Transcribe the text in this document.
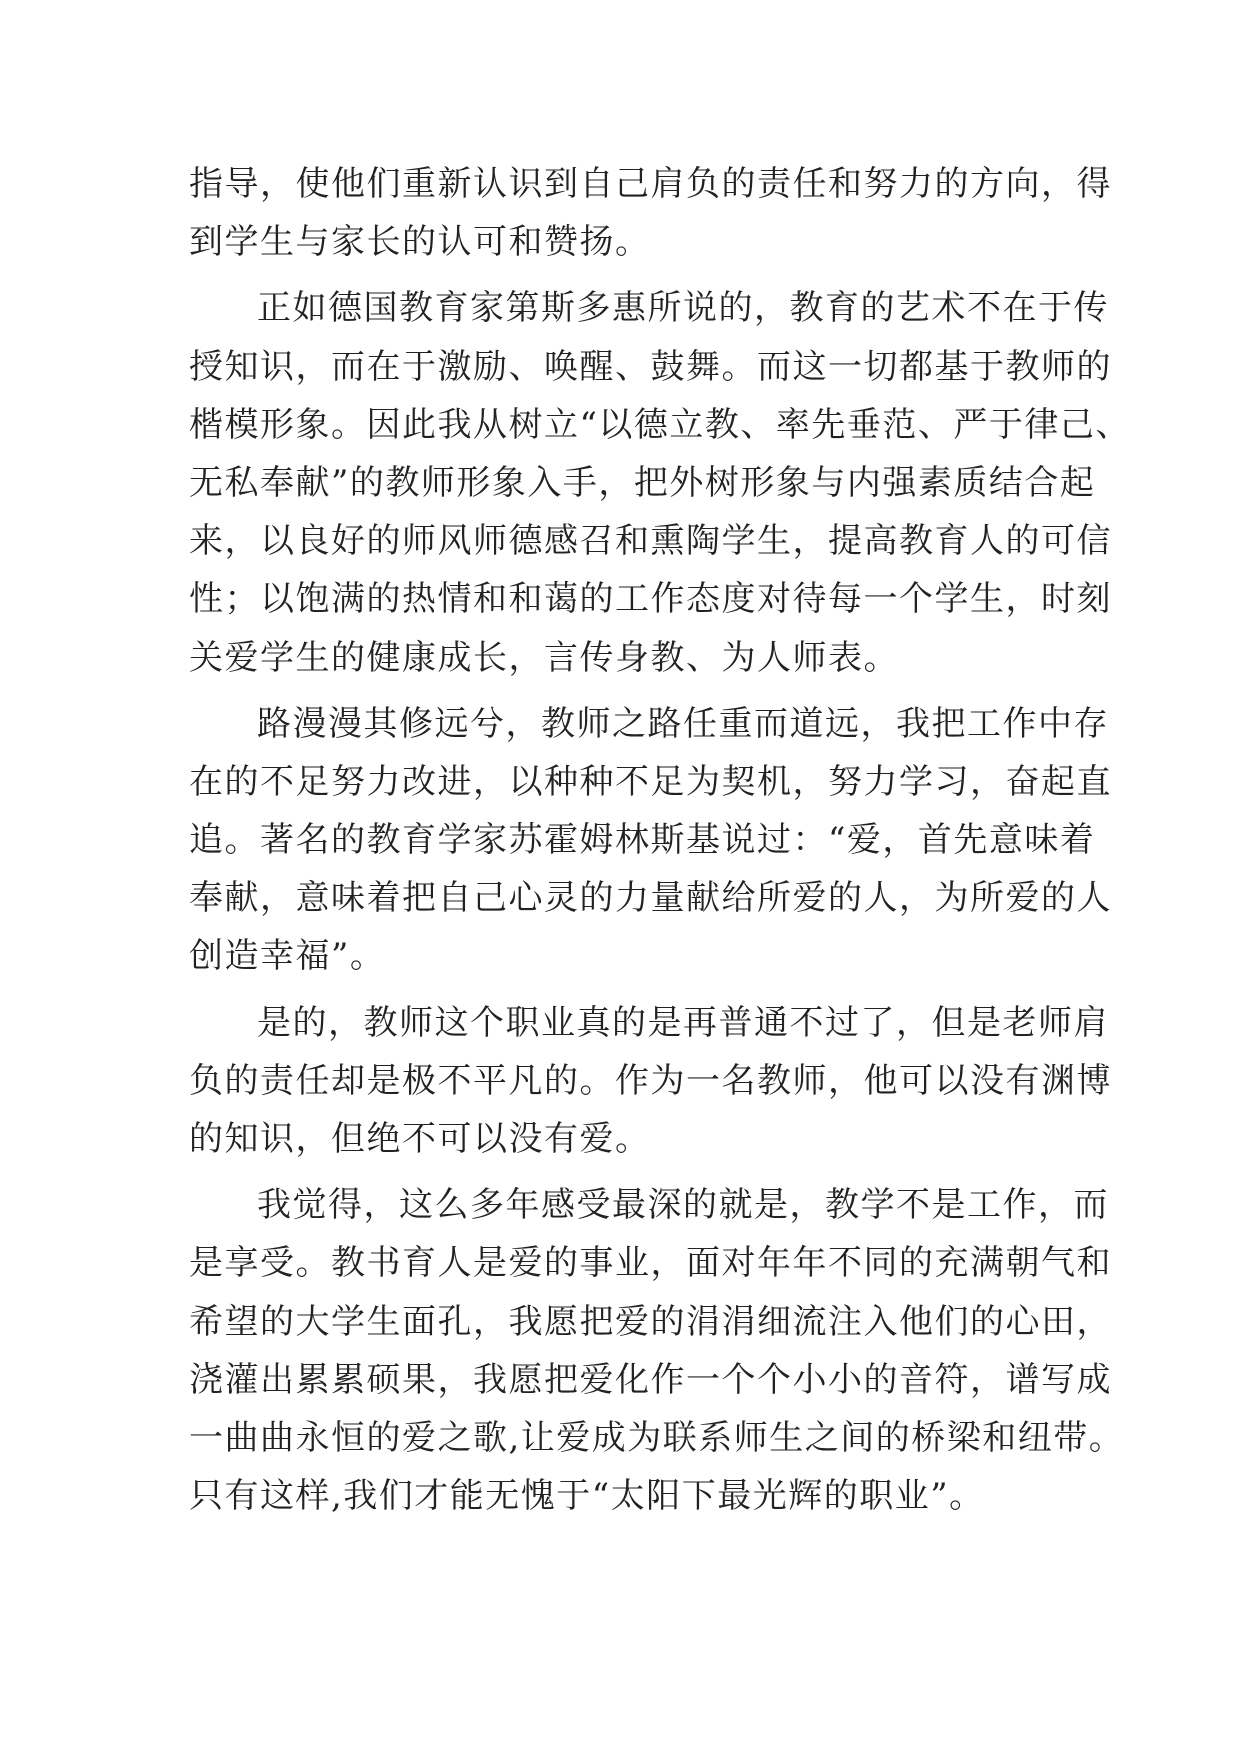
指导，使他们重新认识到自己肩负的责任和努力的方向，得
到学生与家长的认可和赞扬。
正如德国教育家第斯多惠所说的，教育的艺术不在于传
授知识，而在于激励、唤醒、鼓舞。而这一切都基于教师的
楷模形象。因此我从树立“以德立教、率先垂范、严于律己、
无私奉献”的教师形象入手，把外树形象与内强素质结合起
来，以良好的师风师德感召和熏陶学生，提高教育人的可信
性；以饱满的热情和和蔼的工作态度对待每一个学生，时刻
关爱学生的健康成长，言传身教、为人师表。
路漫漫其修远兮，教师之路任重而道远，我把工作中存
在的不足努力改进，以种种不足为契机，努力学习，奋起直
追。著名的教育学家苏霍姆林斯基说过：“爱，首先意味着
奉献，意味着把自己心灵的力量献给所爱的人，为所爱的人
创造幸福”。
是的，教师这个职业真的是再普通不过了，但是老师肩
负的责任却是极不平凡的。作为一名教师，他可以没有渊博
的知识，但绝不可以没有爱。
我觉得，这么多年感受最深的就是，教学不是工作，而
是享受。教书育人是爱的事业，面对年年不同的充满朝气和
希望的大学生面孔，我愿把爱的涓涓细流注入他们的心田，
浇灌出累累硕果，我愿把爱化作一个个小小的音符，谱写成
一曲曲永恒的爱之歌,让爱成为联系师生之间的桥梁和纽带。
只有这样,我们才能无愧于“太阳下最光辉的职业”。
